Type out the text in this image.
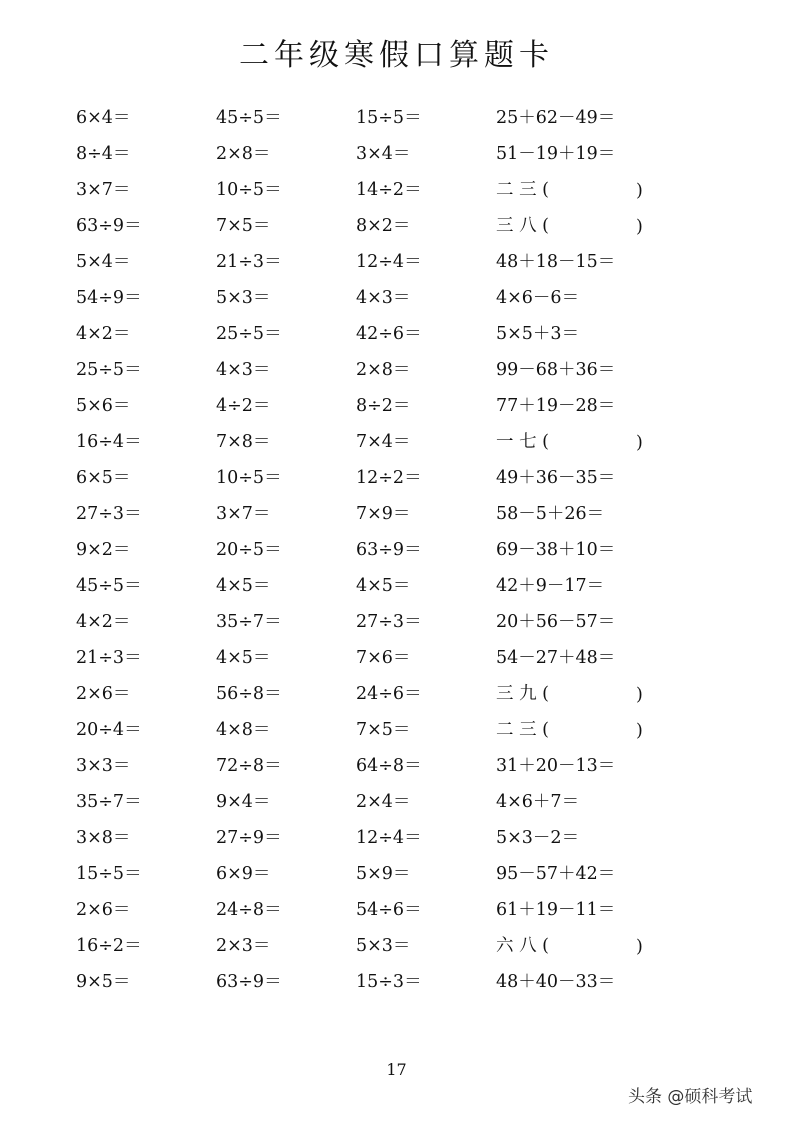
二年级寒假口算题卡
6×4＝	45÷5＝	15÷5＝	25＋62－49＝
8÷4＝	2×8＝	3×4＝	51－19＋19＝
3×7＝	10÷5＝	14÷2＝	二 三 (	)
63÷9＝	7×5＝	8×2＝	三 八 (	)
5×4＝	21÷3＝	12÷4＝	48＋18－15＝
54÷9＝	5×3＝	4×3＝	4×6－6＝
4×2＝	25÷5＝	42÷6＝	5×5＋3＝
25÷5＝	4×3＝	2×8＝	99－68＋36＝
5×6＝	4÷2＝	8÷2＝	77＋19－28＝
16÷4＝	7×8＝	7×4＝	一 七 (	)
6×5＝	10÷5＝	12÷2＝	49＋36－35＝
27÷3＝	3×7＝	7×9＝	58－5＋26＝
9×2＝	20÷5＝	63÷9＝	69－38＋10＝
45÷5＝	4×5＝	4×5＝	42＋9－17＝
4×2＝	35÷7＝	27÷3＝	20＋56－57＝
21÷3＝	4×5＝	7×6＝	54－27＋48＝
2×6＝	56÷8＝	24÷6＝	三 九 (	)
20÷4＝	4×8＝	7×5＝	二 三 (	)
3×3＝	72÷8＝	64÷8＝	31＋20－13＝
35÷7＝	9×4＝	2×4＝	4×6＋7＝
3×8＝	27÷9＝	12÷4＝	5×3－2＝
15÷5＝	6×9＝	5×9＝	95－57＋42＝
2×6＝	24÷8＝	54÷6＝	61＋19－11＝
16÷2＝	2×3＝	5×3＝	六 八 (	)
9×5＝	63÷9＝	15÷3＝	48＋40－33＝
17
头条 @硕科考试
